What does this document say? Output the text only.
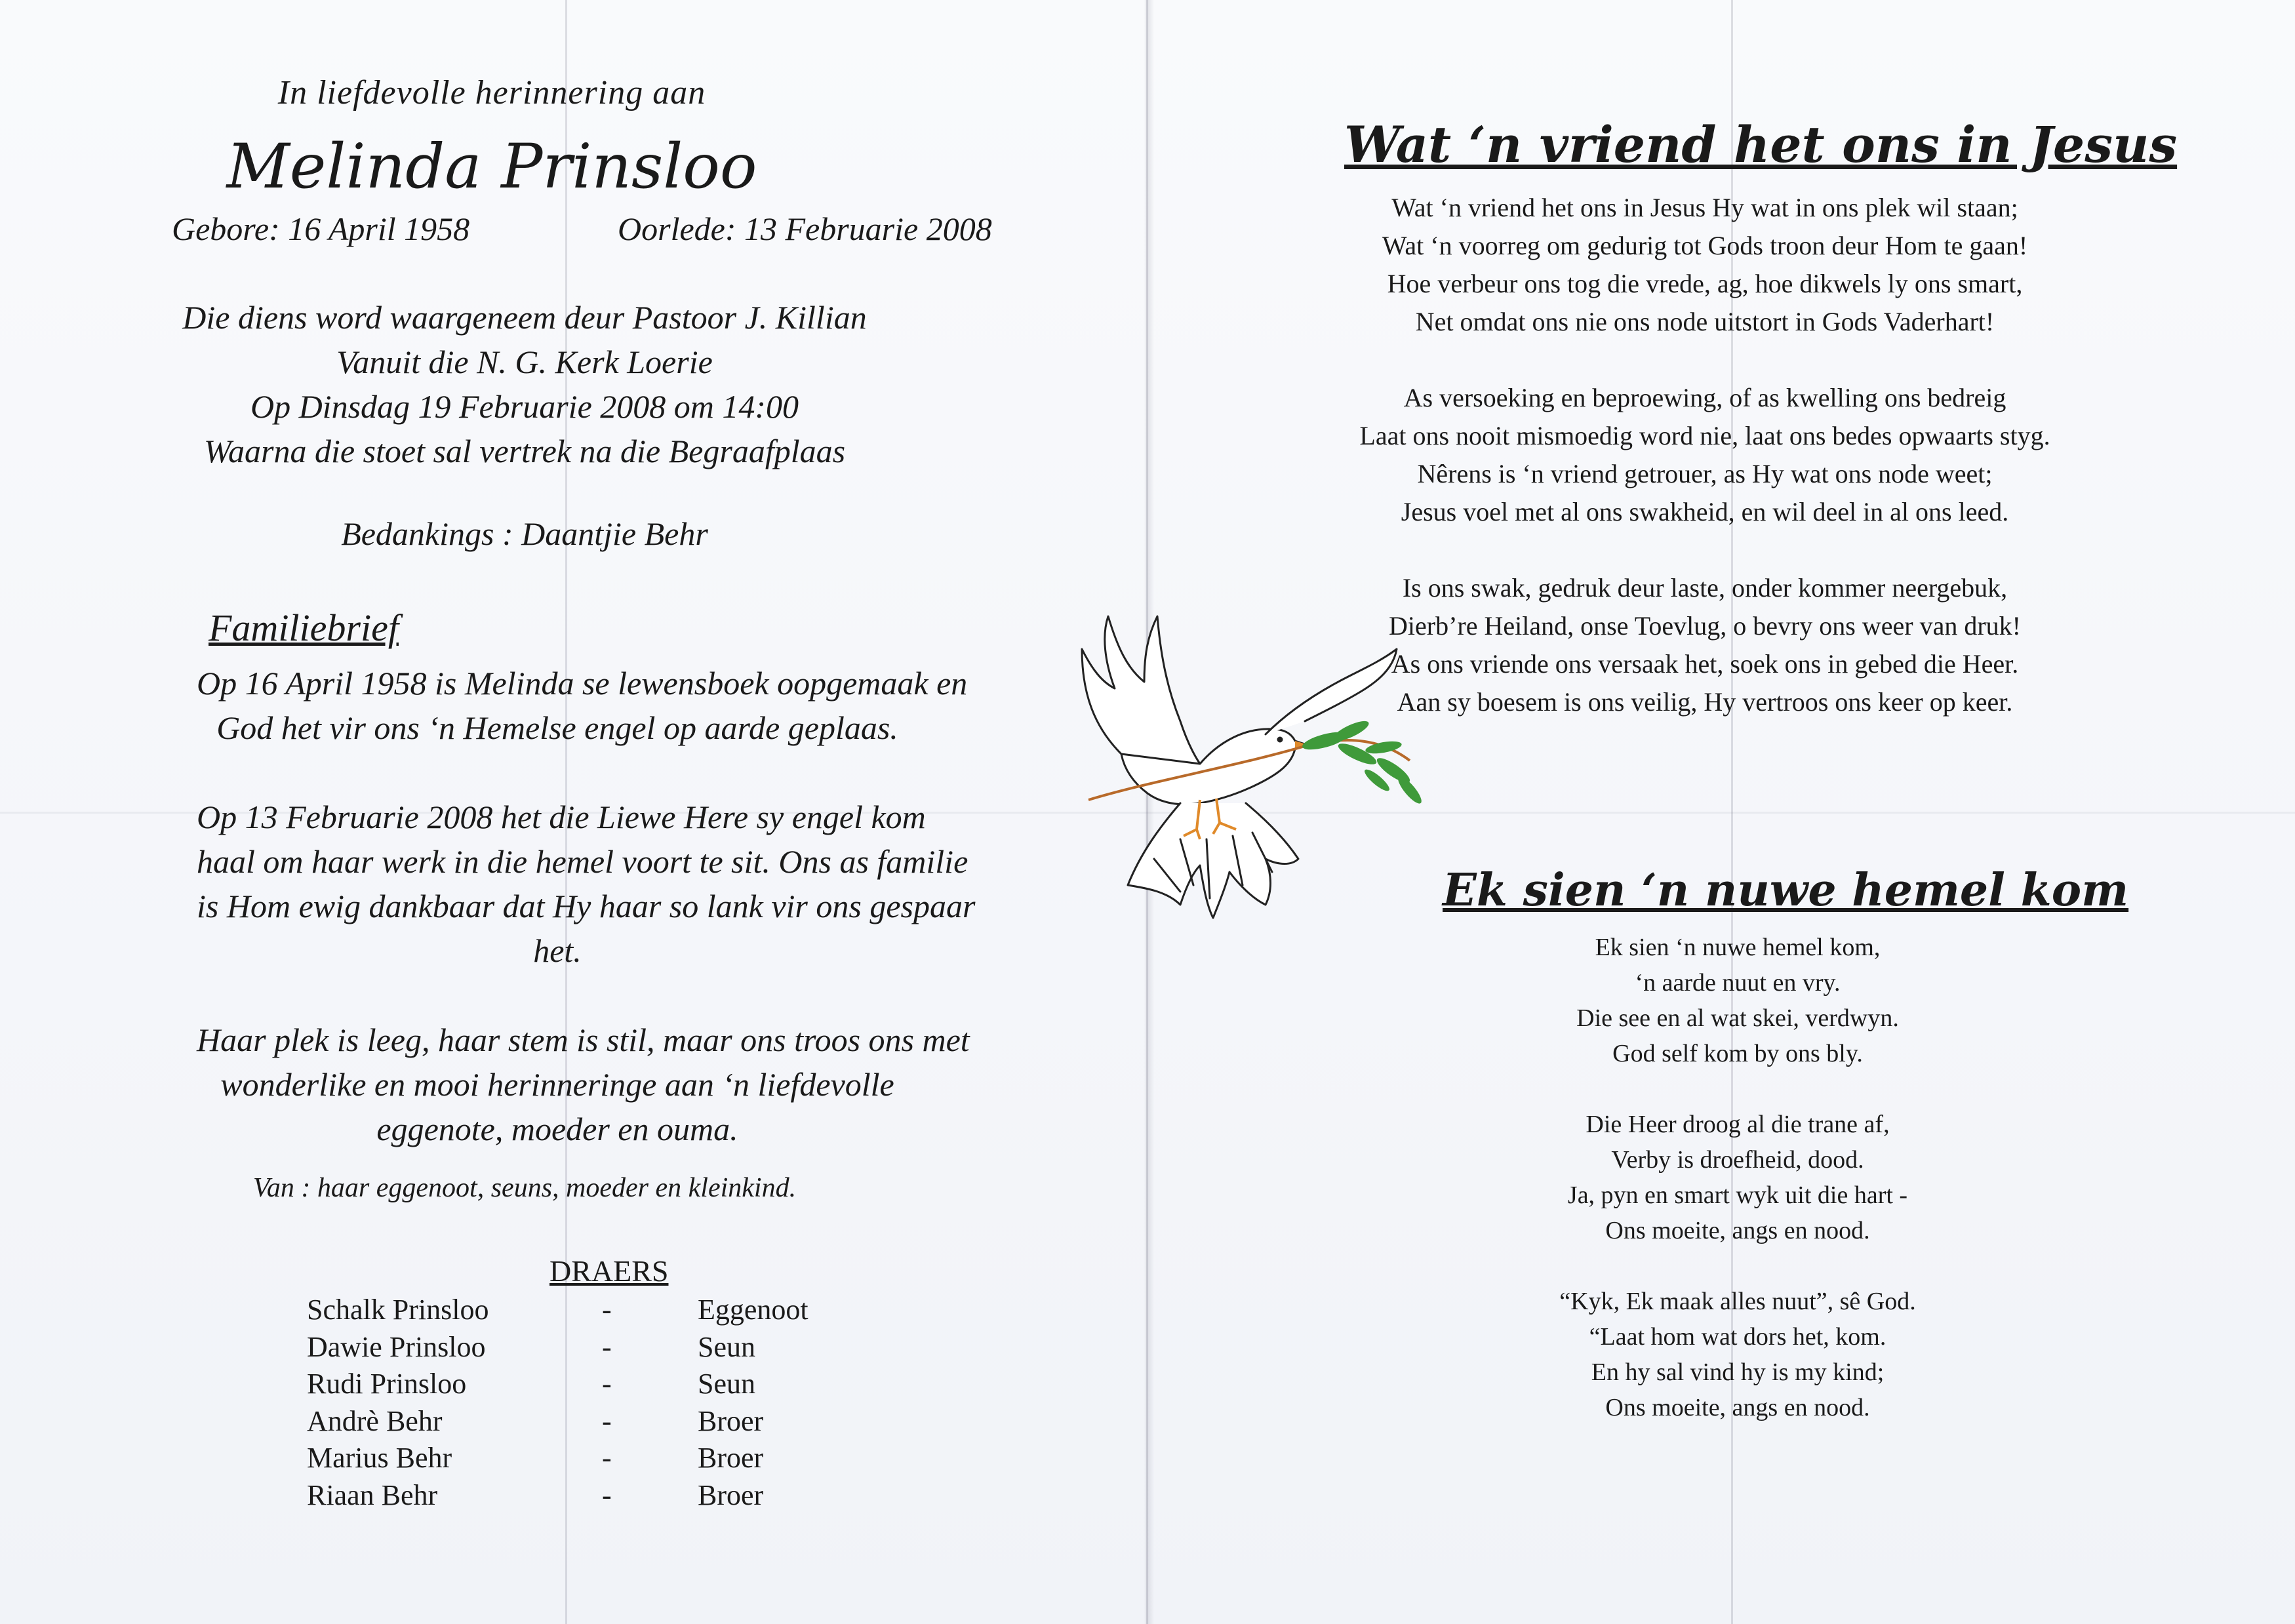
In liefdevolle herinnering aan
Melinda Prinsloo
Gebore: 16 April 1958	Oorlede: 13 Februarie 2008
Die diens word waargeneem deur Pastoor J. Killian
Vanuit die N. G. Kerk Loerie
Op Dinsdag 19 Februarie 2008 om 14:00
Waarna die stoet sal vertrek na die Begraafplaas
Bedankings : Daantjie Behr
Familiebrief
Op 16 April 1958 is Melinda se lewensboek oopgemaak en
God het vir ons ‘n Hemelse engel op aarde geplaas.
Op 13 Februarie 2008 het die Liewe Here sy engel kom
haal om haar werk in die hemel voort te sit. Ons as familie
is Hom ewig dankbaar dat Hy haar so lank vir ons gespaar
het.
Haar plek is leeg, haar stem is stil, maar ons troos ons met
wonderlike en mooi herinneringe aan ‘n liefdevolle
eggenote, moeder en ouma.
Van : haar eggenoot, seuns, moeder en kleinkind.
DRAERS
Schalk Prinsloo	-	Eggenoot
Dawie Prinsloo	-	Seun
Rudi Prinsloo	-	Seun
Andrè Behr	-	Broer
Marius Behr	-	Broer
Riaan Behr	-	Broer
Wat ‘n vriend het ons in Jesus
Wat ‘n vriend het ons in Jesus Hy wat in ons plek wil staan;
Wat ‘n voorreg om gedurig tot Gods troon deur Hom te gaan!
Hoe verbeur ons tog die vrede, ag, hoe dikwels ly ons smart,
Net omdat ons nie ons node uitstort in Gods Vaderhart!
As versoeking en beproewing, of as kwelling ons bedreig
Laat ons nooit mismoedig word nie, laat ons bedes opwaarts styg.
Nêrens is ‘n vriend getrouer, as Hy wat ons node weet;
Jesus voel met al ons swakheid, en wil deel in al ons leed.
Is ons swak, gedruk deur laste, onder kommer neergebuk,
Dierb’re Heiland, onse Toevlug, o bevry ons weer van druk!
As ons vriende ons versaak het, soek ons in gebed die Heer.
Aan sy boesem is ons veilig, Hy vertroos ons keer op keer.
Ek sien ‘n nuwe hemel kom
Ek sien ‘n nuwe hemel kom,
‘n aarde nuut en vry.
Die see en al wat skei, verdwyn.
God self kom by ons bly.
Die Heer droog al die trane af,
Verby is droefheid, dood.
Ja, pyn en smart wyk uit die hart -
Ons moeite, angs en nood.
“Kyk, Ek maak alles nuut”, sê God.
“Laat hom wat dors het, kom.
En hy sal vind hy is my kind;
Ons moeite, angs en nood.
